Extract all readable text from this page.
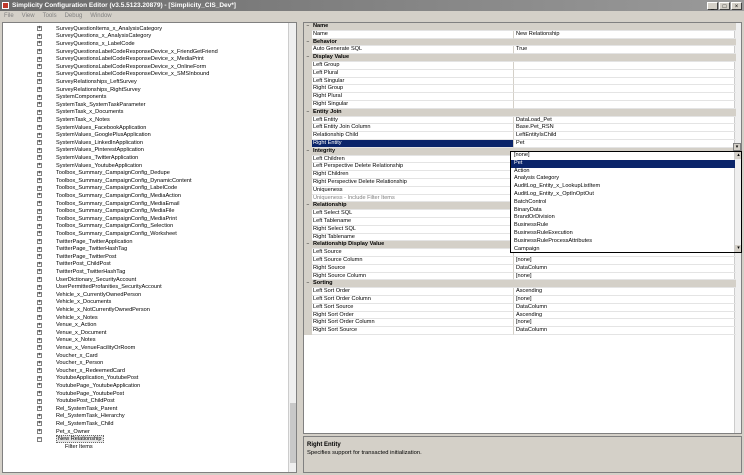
Simplicity Configuration Editor (v3.5.5123.20879) - [Simplicity_CIS_Dev*]	_	□	×
File View Tools Debug Window
+	SurveyQuestionItems_x_AnalysisCategory
+	SurveyQuestions_x_AnalysisCategory
+	SurveyQuestions_x_LabelCode
+	SurveyQuestionsLabelCodeResponseDevice_x_FriendGetFriend
+	SurveyQuestionsLabelCodeResponseDevice_x_MediaPrint
+	SurveyQuestionsLabelCodeResponseDevice_x_OnlineForm
+	SurveyQuestionsLabelCodeResponseDevice_x_SMSInbound
+	SurveyRelationships_LeftSurvey
+	SurveyRelationships_RightSurvey
+	SystemComponents
+	SystemTask_SystemTaskParameter
+	SystemTask_x_Documents
+	SystemTask_x_Notes
+	SystemValues_FacebookApplication
+	SystemValues_GooglePlusApplication
+	SystemValues_LinkedInApplication
+	SystemValues_PinterestApplication
+	SystemValues_TwitterApplication
+	SystemValues_YoutubeApplication
+	Toolbox_Summary_CampaignConfig_Dedupe
+	Toolbox_Summary_CampaignConfig_DynamicContent
+	Toolbox_Summary_CampaignConfig_LabelCode
+	Toolbox_Summary_CampaignConfig_MediaAction
+	Toolbox_Summary_CampaignConfig_MediaEmail
+	Toolbox_Summary_CampaignConfig_MediaFile
+	Toolbox_Summary_CampaignConfig_MediaPrint
+	Toolbox_Summary_CampaignConfig_Selection
+	Toolbox_Summary_CampaignConfig_Worksheet
+	TwitterPage_TwitterApplication
+	TwitterPage_TwitterHashTag
+	TwitterPage_TwitterPost
+	TwitterPost_ChildPost
+	TwitterPost_TwitterHashTag
+	UserDictionary_SecurityAccount
+	UserPermittedProfanities_SecurityAccount
+	Vehicle_x_CurrentlyOwnedPerson
+	Vehicle_x_Documents
+	Vehicle_x_NotCurrentlyOwnedPerson
+	Vehicle_x_Notes
+	Venue_x_Action
+	Venue_x_Document
+	Venue_x_Notes
+	Venue_x_VenueFacilityOrRoom
+	Voucher_x_Card
+	Voucher_x_Person
+	Voucher_x_RedeemedCard
+	YoutubeApplication_YoutubePost
+	YoutubePage_YoutubeApplication
+	YoutubePage_YoutubePost
+	YoutubePost_ChildPost
+	Rel_SystemTask_Parent
+	Rel_SystemTask_Hierarchy
+	Rel_SystemTask_Child
+	Pet_x_Owner
−	New Relationship
Filter Items
− Name
Name	New Relationship
− Behavior
Auto Generate SQL	True
− Display Value
Left Group
Left Plural
Left Singular
Right Group
Right Plural
Right Singular
− Entity Join
Left Entity	DataLoad_Pet
Left Entity Join Column	Base.Pet_RSN
Relationship Child	LeftEntityIsChild
Right Entity	Pet
− Integrity
Left Children
Left Perspective Delete Relationship
Right Children
Right Perspective Delete Relationship
Uniqueness
Uniqueness - Include Filter Items
− Relationship
Left Select SQL
Left Tablename
Right Select SQL
Right Tablename
− Relationship Display Value
Left Source
Left Source Column	[none]
Right Source	DataColumn
Right Source Column	[none]
− Sorting
Left Sort Order	Ascending
Left Sort Order Column	[none]
Left Sort Source	DataColumn
Right Sort Order	Ascending
Right Sort Order Column	[none]
Right Sort Source	DataColumn
▾
▴
▾
[none]
Pet
Action
Analysis Category
AuditLog_Entity_x_LookupListItem
AuditLog_Entity_x_OptInOptOut
BatchControl
BinaryData
BrandOrDivision
BusinessRule
BusinessRuleExecution
BusinessRuleProcessAttributes
Campaign
Right Entity
Specifies support for transacted initialization.
